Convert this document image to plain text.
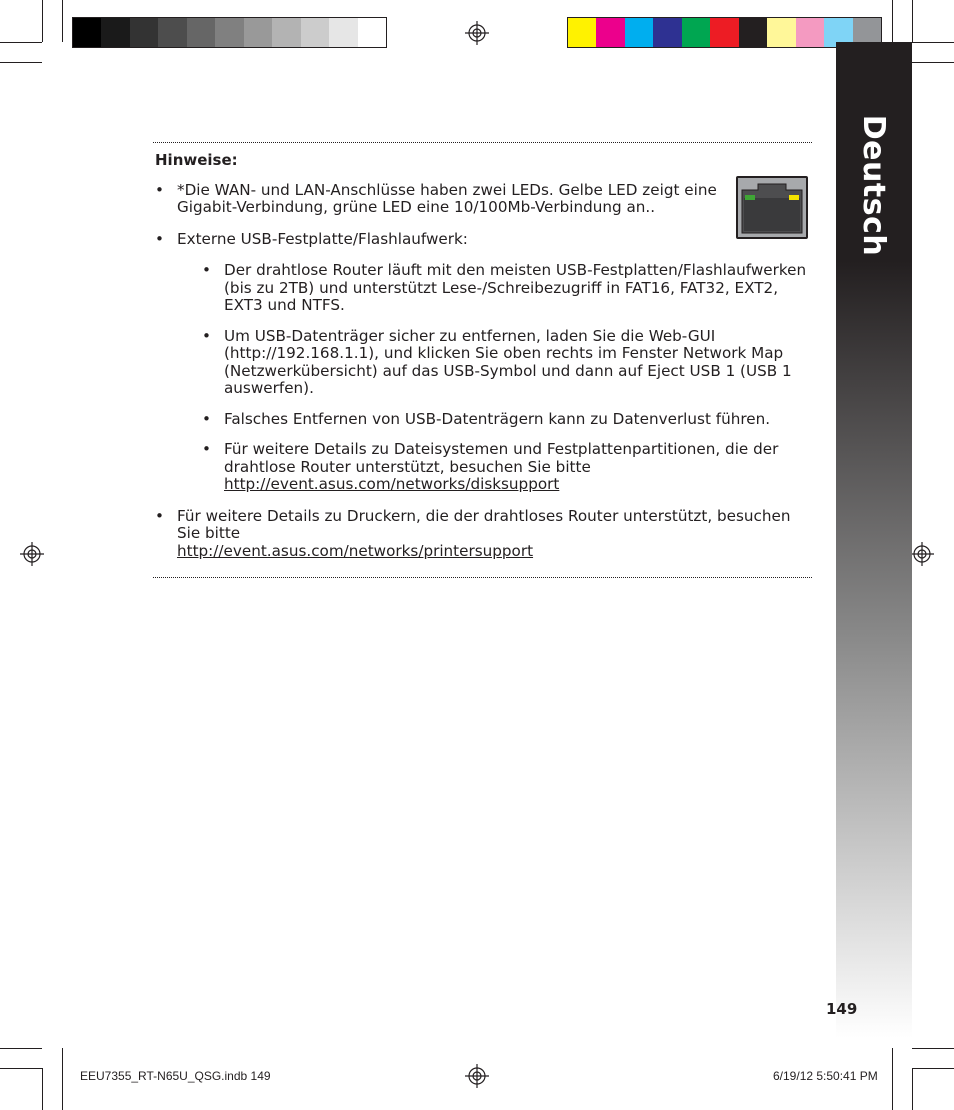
Deutsch
Hinweise:
• *Die WAN- und LAN-Anschlüsse haben zwei LEDs. Gelbe LED zeigt eine Gigabit-Verbindung, grüne LED eine 10/100Mb-Verbindung an..
• Externe USB-Festplatte/Flashlaufwerk:
• Der drahtlose Router läuft mit den meisten USB-Festplatten/Flashlaufwerken (bis zu 2TB) und unterstützt Lese-/Schreibezugriff in FAT16, FAT32, EXT2, EXT3 und NTFS.
• Um USB-Datenträger sicher zu entfernen, laden Sie die Web-GUI (http://192.168.1.1), und klicken Sie oben rechts im Fenster Network Map (Netzwerkübersicht) auf das USB-Symbol und dann auf Eject USB 1 (USB 1 auswerfen).
• Falsches Entfernen von USB-Datenträgern kann zu Datenverlust führen.
• Für weitere Details zu Dateisystemen und Festplattenpartitionen, die der drahtlose Router unterstützt, besuchen Sie bitte
http://event.asus.com/networks/disksupport
• Für weitere Details zu Druckern, die der drahtloses Router unterstützt, besuchen Sie bitte
http://event.asus.com/networks/printersupport
149
EEU7355_RT-N65U_QSG.indb 149	6/19/12 5:50:41 PM
